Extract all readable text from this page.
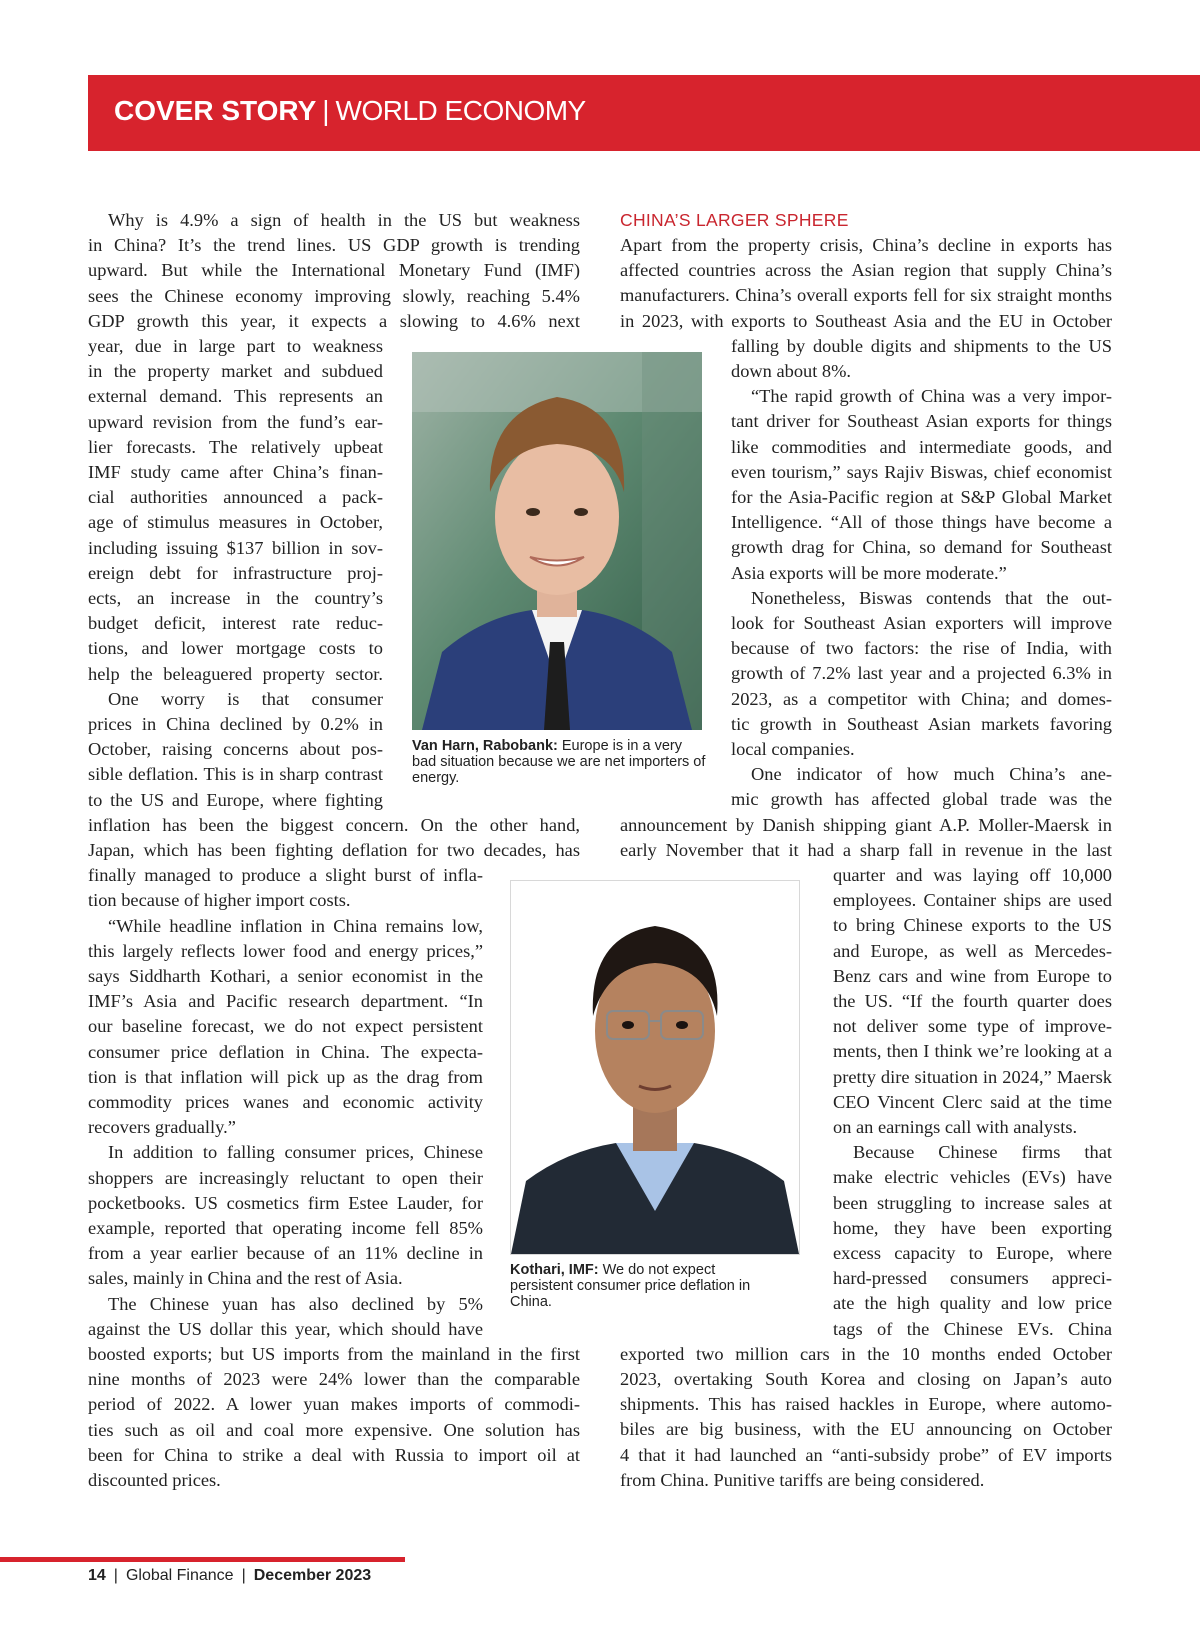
COVER STORY | WORLD ECONOMY
Why is 4.9% a sign of health in the US but weakness
in China? It’s the trend lines. US GDP growth is trending
upward. But while the International Monetary Fund (IMF)
sees the Chinese economy improving slowly, reaching 5.4%
GDP growth this year, it expects a slowing to 4.6% next
year, due in large part to weakness
in the property market and subdued
external demand. This represents an
upward revision from the fund’s ear-
lier forecasts. The relatively upbeat
IMF study came after China’s finan-
cial authorities announced a pack-
age of stimulus measures in October,
including issuing $137 billion in sov-
ereign debt for infrastructure proj-
ects, an increase in the country’s
budget deficit, interest rate reduc-
tions, and lower mortgage costs to
help the beleaguered property sector.
One worry is that consumer
prices in China declined by 0.2% in
October, raising concerns about pos-
sible deflation. This is in sharp contrast
to the US and Europe, where fighting
inflation has been the biggest concern. On the other hand,
Japan, which has been fighting deflation for two decades, has
finally managed to produce a slight burst of infla-
tion because of higher import costs.
“While headline inflation in China remains low,
this largely reflects lower food and energy prices,”
says Siddharth Kothari, a senior economist in the
IMF’s Asia and Pacific research department. “In
our baseline forecast, we do not expect persistent
consumer price deflation in China. The expecta-
tion is that inflation will pick up as the drag from
commodity prices wanes and economic activity
recovers gradually.”
In addition to falling consumer prices, Chinese
shoppers are increasingly reluctant to open their
pocketbooks. US cosmetics firm Estee Lauder, for
example, reported that operating income fell 85%
from a year earlier because of an 11% decline in
sales, mainly in China and the rest of Asia.
The Chinese yuan has also declined by 5%
against the US dollar this year, which should have
boosted exports; but US imports from the mainland in the first
nine months of 2023 were 24% lower than the comparable
period of 2022. A lower yuan makes imports of commodi-
ties such as oil and coal more expensive. One solution has
been for China to strike a deal with Russia to import oil at
discounted prices.
CHINA’S LARGER SPHERE
Apart from the property crisis, China’s decline in exports has
affected countries across the Asian region that supply China’s
manufacturers. China’s overall exports fell for six straight months
in 2023, with exports to Southeast Asia and the EU in October
falling by double digits and shipments to the US
down about 8%.
“The rapid growth of China was a very impor-
tant driver for Southeast Asian exports for things
like commodities and intermediate goods, and
even tourism,” says Rajiv Biswas, chief economist
for the Asia-Pacific region at S&P Global Market
Intelligence. “All of those things have become a
growth drag for China, so demand for Southeast
Asia exports will be more moderate.”
Nonetheless, Biswas contends that the out-
look for Southeast Asian exporters will improve
because of two factors: the rise of India, with
growth of 7.2% last year and a projected 6.3% in
2023, as a competitor with China; and domes-
tic growth in Southeast Asian markets favoring
local companies.
One indicator of how much China’s ane-
mic growth has affected global trade was the
announcement by Danish shipping giant A.P. Moller-Maersk in
early November that it had a sharp fall in revenue in the last
quarter and was laying off 10,000
employees. Container ships are used
to bring Chinese exports to the US
and Europe, as well as Mercedes-
Benz cars and wine from Europe to
the US. “If the fourth quarter does
not deliver some type of improve-
ments, then I think we’re looking at a
pretty dire situation in 2024,” Maersk
CEO Vincent Clerc said at the time
on an earnings call with analysts.
Because Chinese firms that
make electric vehicles (EVs) have
been struggling to increase sales at
home, they have been exporting
excess capacity to Europe, where
hard-pressed consumers appreci-
ate the high quality and low price
tags of the Chinese EVs. China
exported two million cars in the 10 months ended October
2023, overtaking South Korea and closing on Japan’s auto
shipments. This has raised hackles in Europe, where automo-
biles are big business, with the EU announcing on October
4 that it had launched an “anti-subsidy probe” of EV imports
from China. Punitive tariffs are being considered.
Van Harn, Rabobank: Europe is in a very bad situation because we are net importers of energy.
Kothari, IMF: We do not expect persistent consumer price deflation in China.
14 | Global Finance | December 2023
